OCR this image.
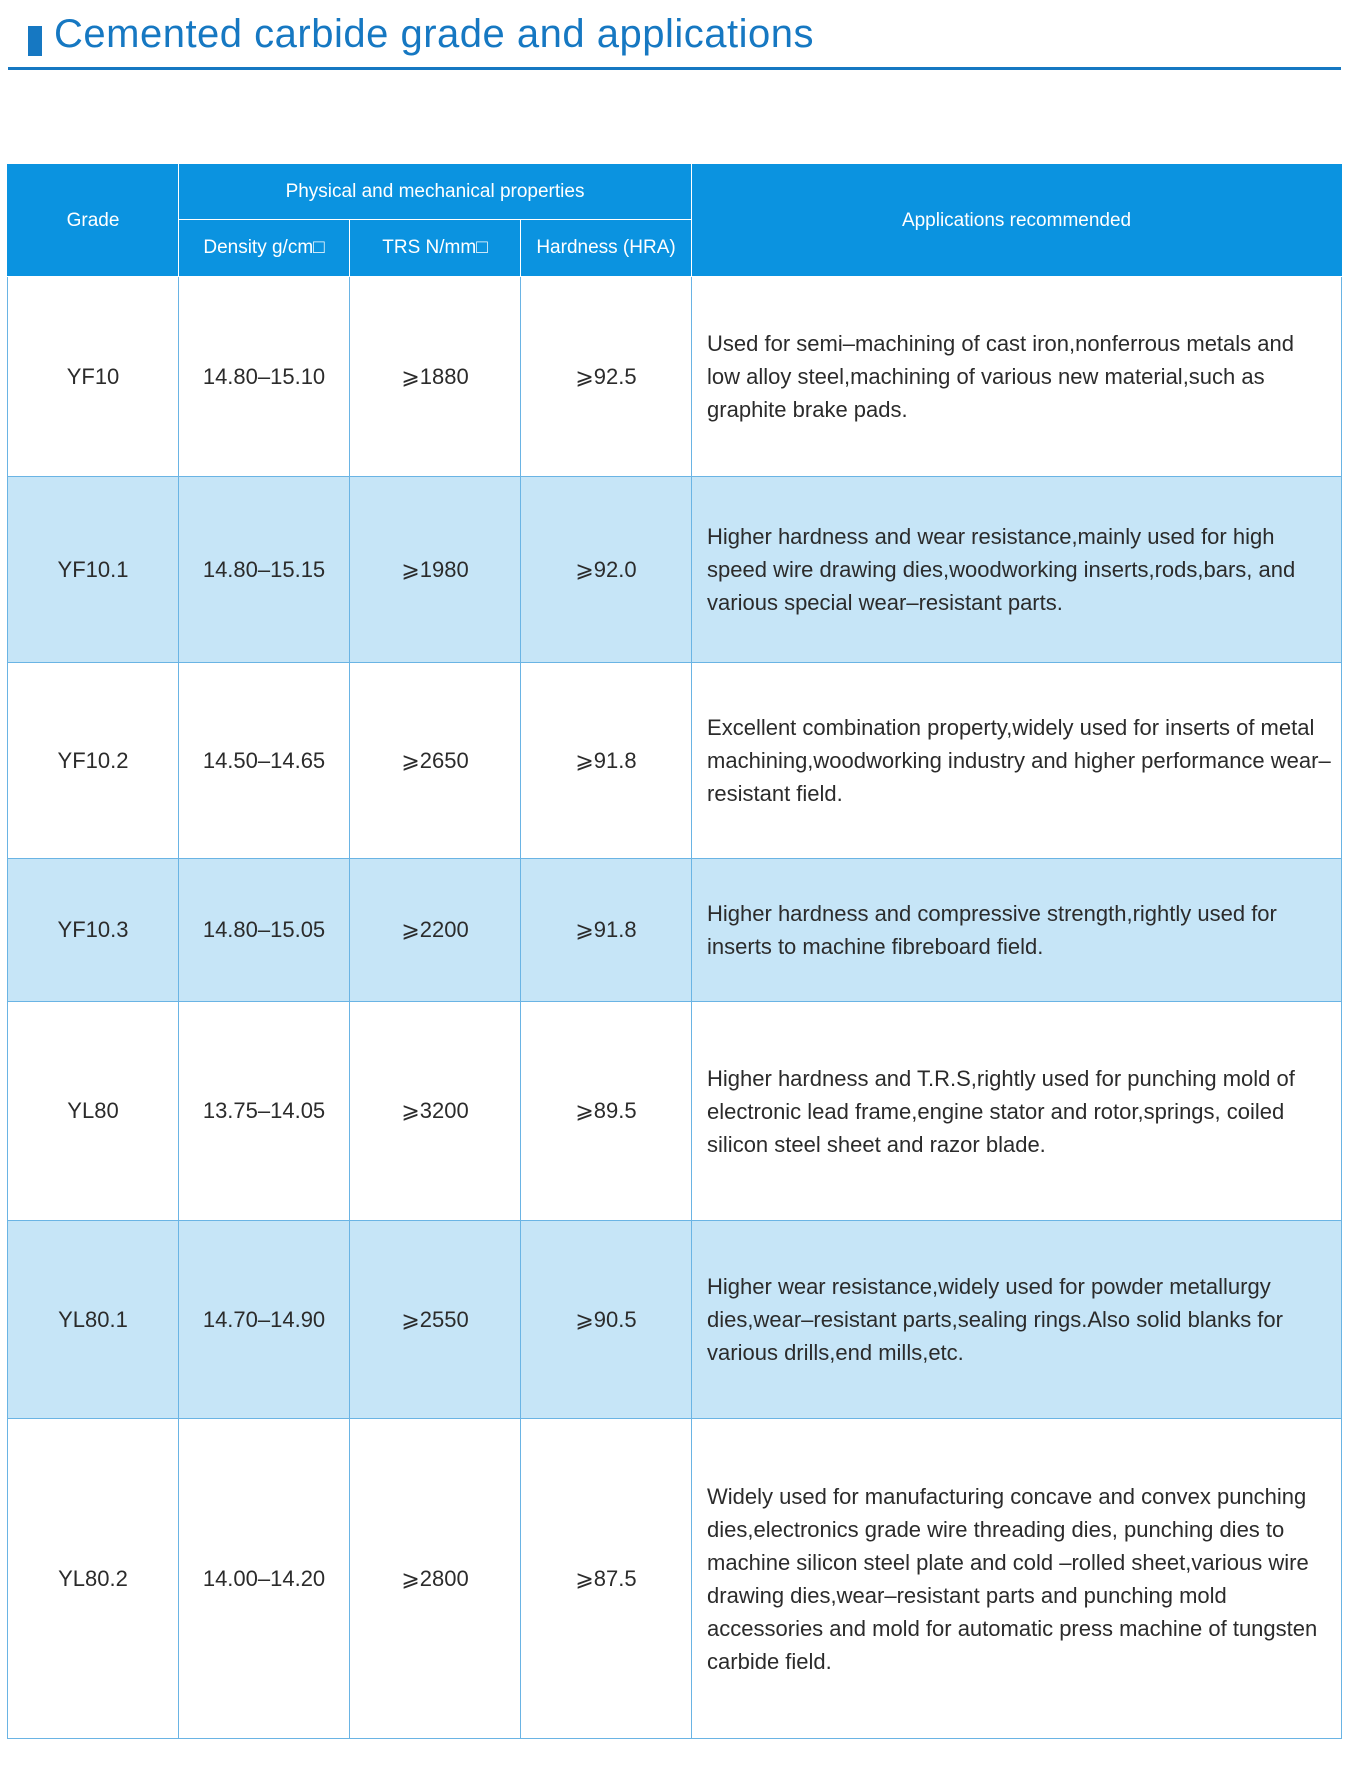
Cemented carbide grade and applications
Grade	Physical and mechanical properties			Applications recommended
	Density g/cm□	TRS N/mm□	Hardness (HRA)	
YF10	14.80–15.10	⩾1880	⩾92.5	Used for semi–machining of cast iron,nonferrous metals and low alloy steel,machining of various new material,such as graphite brake pads.
YF10.1	14.80–15.15	⩾1980	⩾92.0	Higher hardness and wear resistance,mainly used for high speed wire drawing dies,woodworking inserts,rods,bars, and various special wear–resistant parts.
YF10.2	14.50–14.65	⩾2650	⩾91.8	Excellent combination property,widely used for inserts of metal machining,woodworking industry and higher performance wear–resistant field.
YF10.3	14.80–15.05	⩾2200	⩾91.8	Higher hardness and compressive strength,rightly used for inserts to machine fibreboard field.
YL80	13.75–14.05	⩾3200	⩾89.5	Higher hardness and T.R.S,rightly used for punching mold of electronic lead frame,engine stator and rotor,springs, coiled silicon steel sheet and razor blade.
YL80.1	14.70–14.90	⩾2550	⩾90.5	Higher wear resistance,widely used for powder metallurgy dies,wear–resistant parts,sealing rings.Also solid blanks for various drills,end mills,etc.
YL80.2	14.00–14.20	⩾2800	⩾87.5	Widely used for manufacturing concave and convex punching dies,electronics grade wire threading dies, punching dies to machine silicon steel plate and cold –rolled sheet,various wire drawing dies,wear–resistant parts and punching mold accessories and mold for automatic press machine of tungsten carbide field.
